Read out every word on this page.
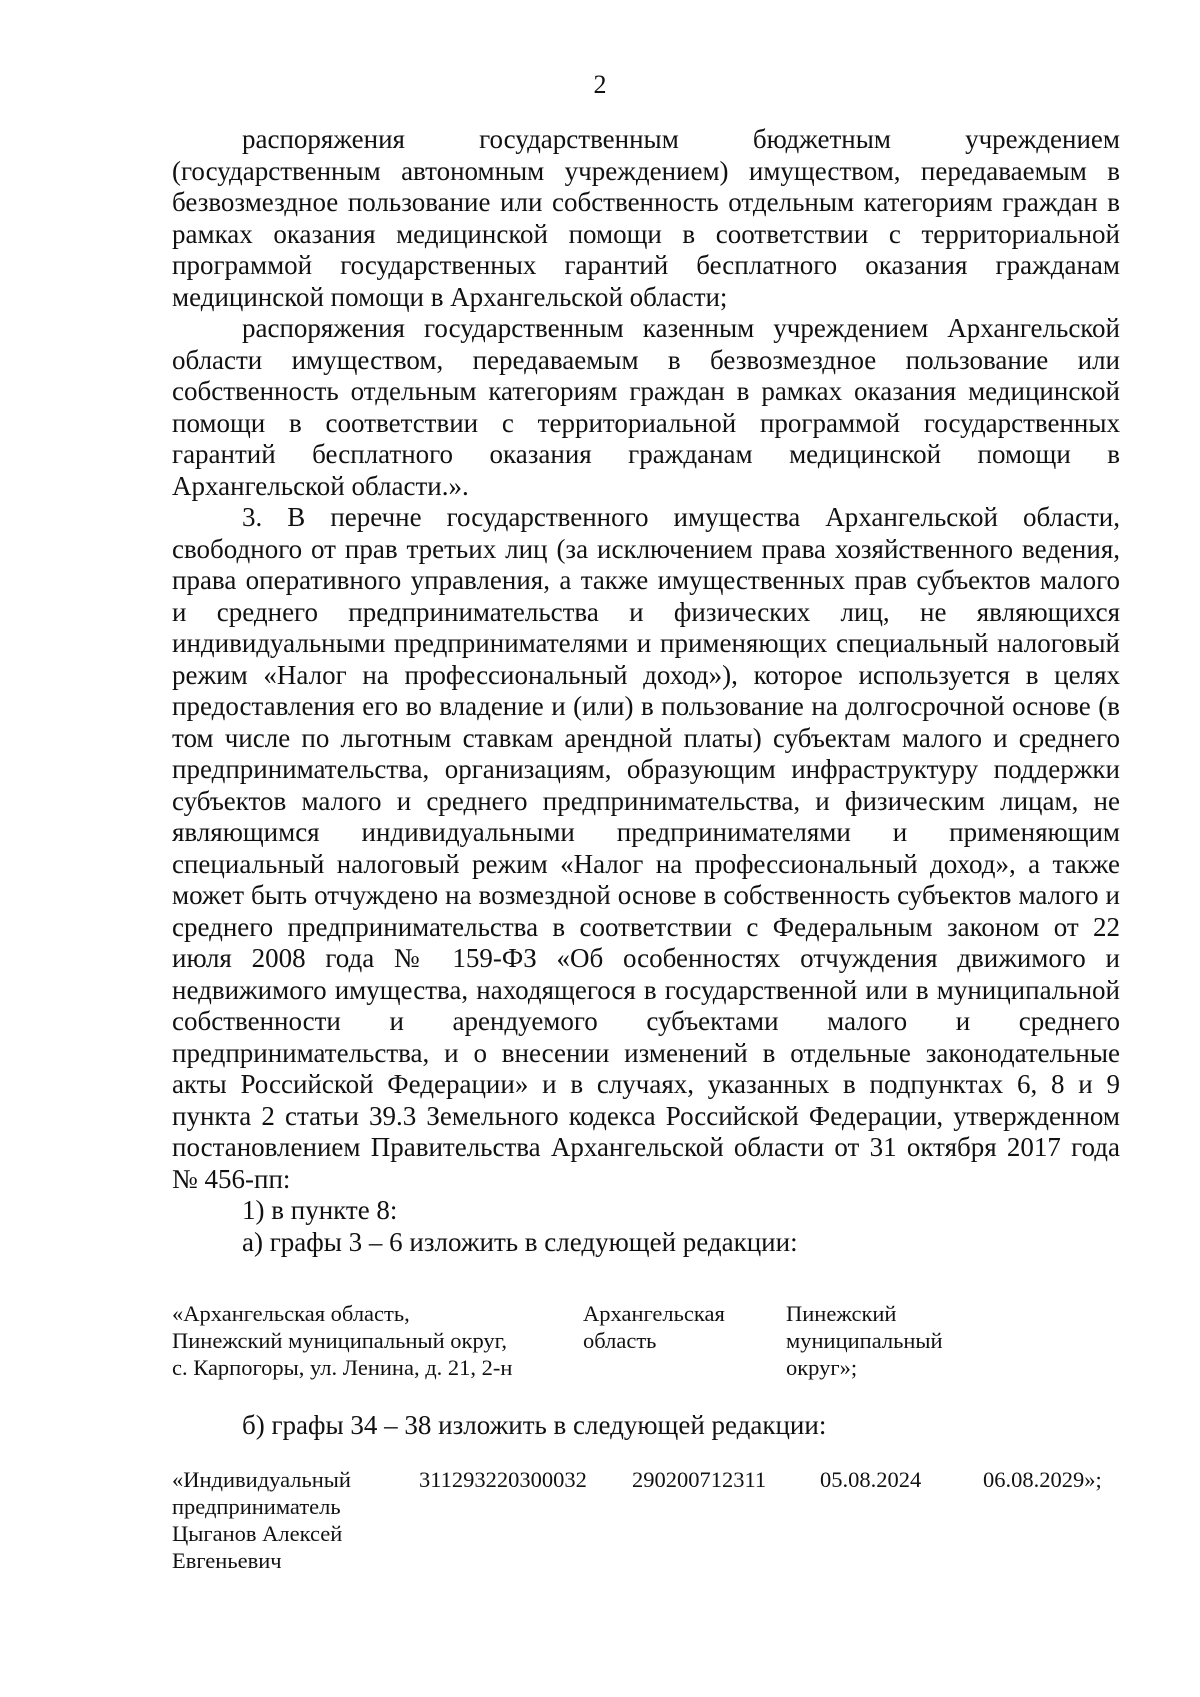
2

распоряжения государственным бюджетным учреждением (государственным автономным учреждением) имуществом, передаваемым в безвозмездное пользование или собственность отдельным категориям граждан в рамках оказания медицинской помощи в соответствии с территориальной программой государственных гарантий бесплатного оказания гражданам медицинской помощи в Архангельской области;

распоряжения государственным казенным учреждением Архангельской области имуществом, передаваемым в безвозмездное пользование или собственность отдельным категориям граждан в рамках оказания медицинской помощи в соответствии с территориальной программой государственных гарантий бесплатного оказания гражданам медицинской помощи в Архангельской области.».

3. В перечне государственного имущества Архангельской области, свободного от прав третьих лиц (за исключением права хозяйственного ведения, права оперативного управления, а также имущественных прав субъектов малого и среднего предпринимательства и физических лиц, не являющихся индивидуальными предпринимателями и применяющих специальный налоговый режим «Налог на профессиональный доход»), которое используется в целях предоставления его во владение и (или) в пользование на долгосрочной основе (в том числе по льготным ставкам арендной платы) субъектам малого и среднего предпринимательства, организациям, образующим инфраструктуру поддержки субъектов малого и среднего предпринимательства, и физическим лицам, не являющимся индивидуальными предпринимателями и применяющим специальный налоговый режим «Налог на профессиональный доход», а также может быть отчуждено на возмездной основе в собственность субъектов малого и среднего предпринимательства в соответствии с Федеральным законом от 22 июля 2008 года № 159-ФЗ «Об особенностях отчуждения движимого и недвижимого имущества, находящегося в государственной или в муниципальной собственности и арендуемого субъектами малого и среднего предпринимательства, и о внесении изменений в отдельные законодательные акты Российской Федерации» и в случаях, указанных в подпунктах 6, 8 и 9 пункта 2 статьи 39.3 Земельного кодекса Российской Федерации, утвержденном постановлением Правительства Архангельской области от 31 октября 2017 года № 456-пп:

1) в пункте 8:

а) графы 3 – 6 изложить в следующей редакции:

«Архангельская область,
Пинежский муниципальный округ,
с. Карпогоры, ул. Ленина, д. 21, 2-н
Архангельская
область
Пинежский
муниципальный
округ»;

б) графы 34 – 38 изложить в следующей редакции:

«Индивидуальный
предприниматель
Цыганов Алексей
Евгеньевич
311293220300032 290200712311 05.08.2024	06.08.2029»;
